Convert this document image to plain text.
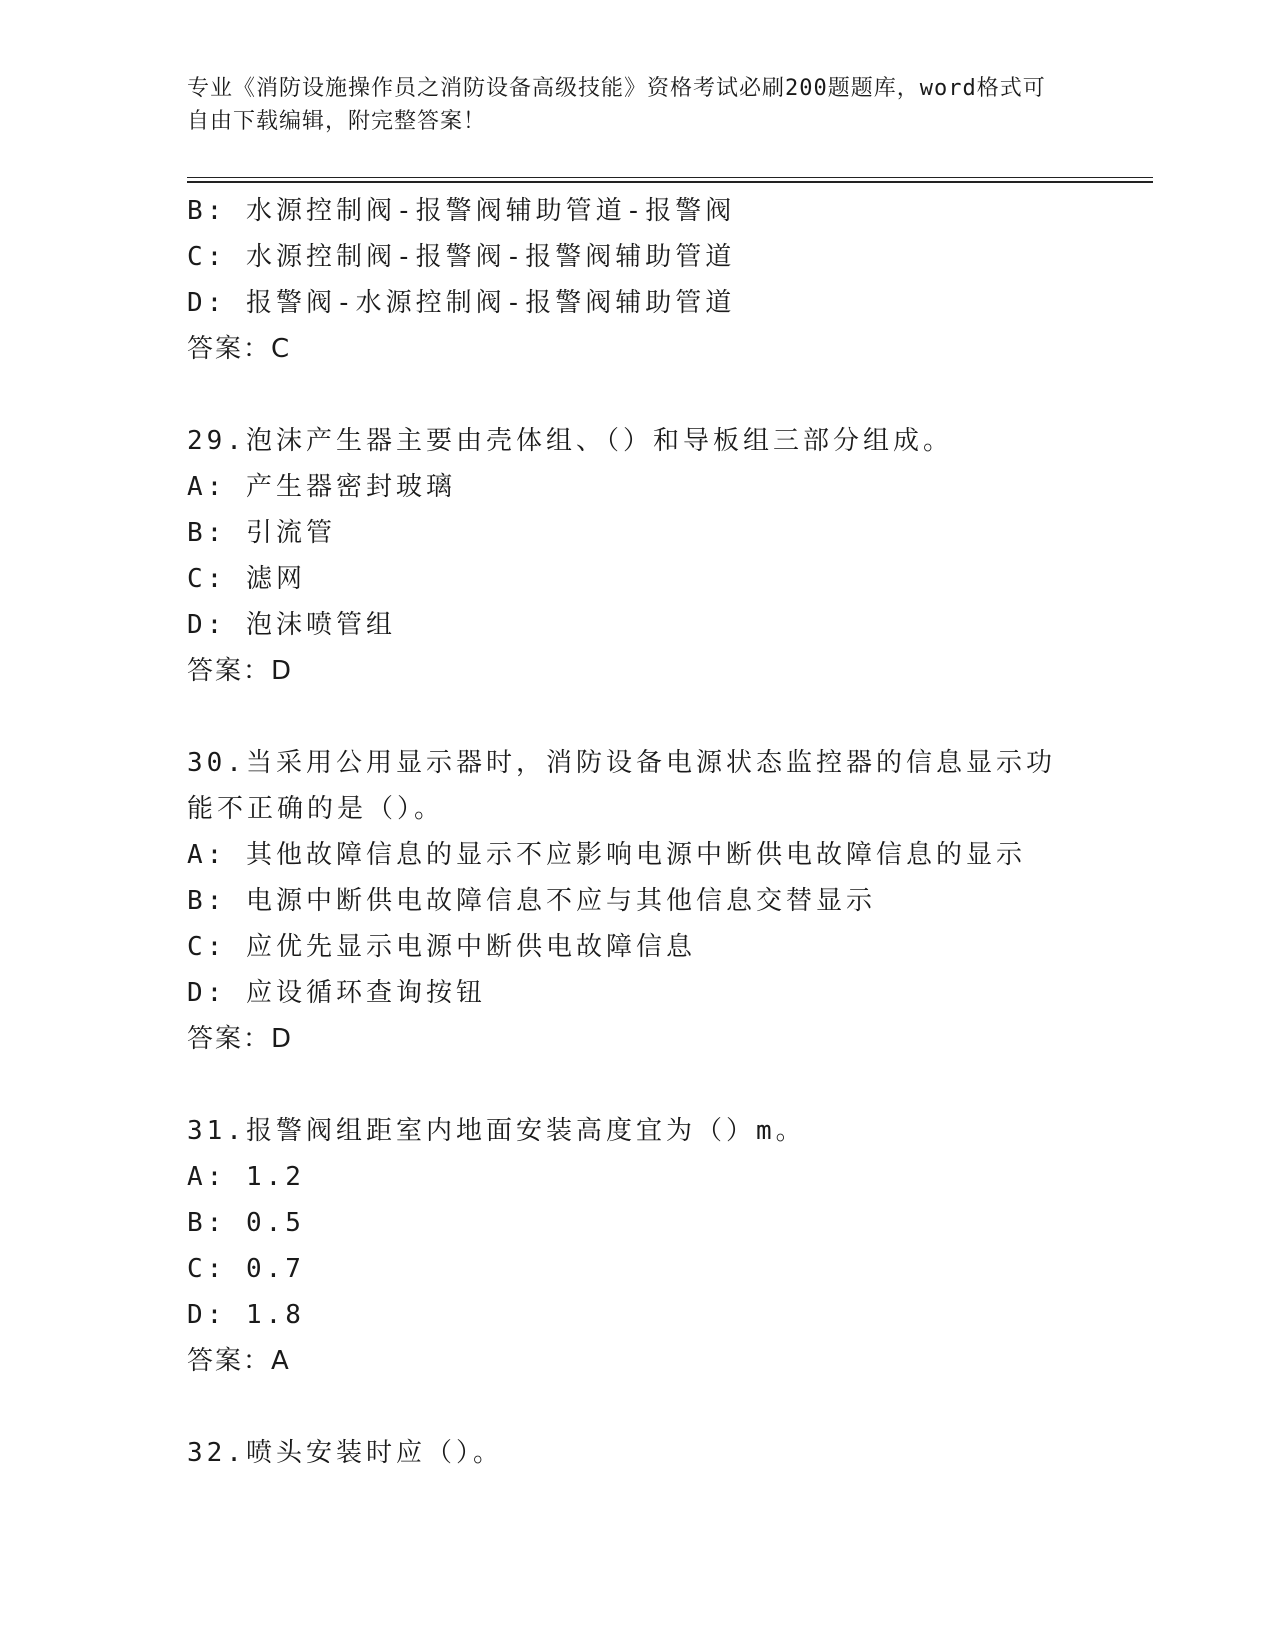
专业《消防设施操作员之消防设备高级技能》资格考试必刷200题题库，word格式可自由下载编辑，附完整答案！
B: 水源控制阀-报警阀辅助管道-报警阀
C: 水源控制阀-报警阀-报警阀辅助管道
D: 报警阀-水源控制阀-报警阀辅助管道
答案：C
29.泡沫产生器主要由壳体组、（）和导板组三部分组成。
A: 产生器密封玻璃
B: 引流管
C: 滤网
D: 泡沫喷管组
答案：D
30.当采用公用显示器时，消防设备电源状态监控器的信息显示功能不正确的是（）。
A: 其他故障信息的显示不应影响电源中断供电故障信息的显示
B: 电源中断供电故障信息不应与其他信息交替显示
C: 应优先显示电源中断供电故障信息
D: 应设循环查询按钮
答案：D
31.报警阀组距室内地面安装高度宜为（）m。
A: 1.2
B: 0.5
C: 0.7
D: 1.8
答案：A
32.喷头安装时应（）。
